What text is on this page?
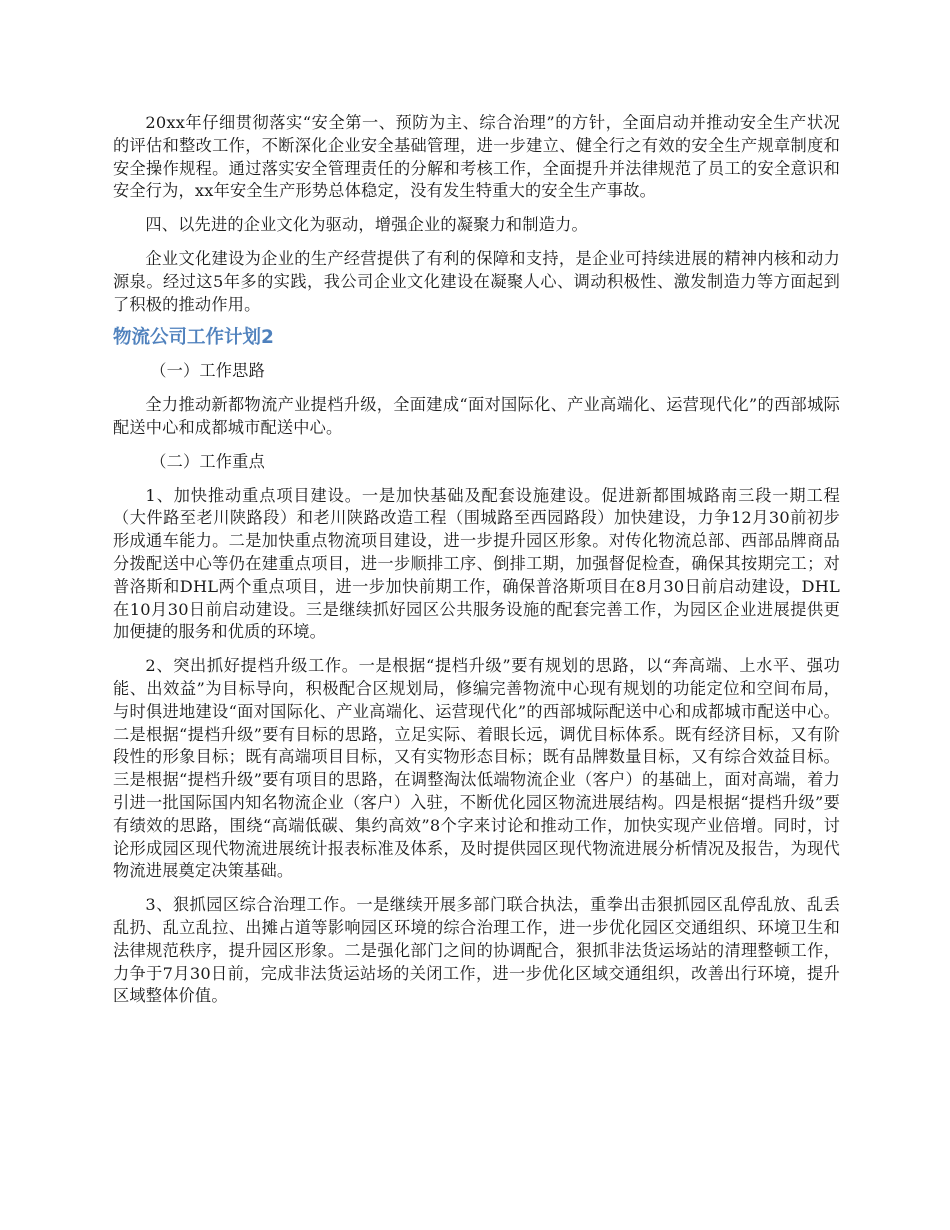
20xx年仔细贯彻落实“安全第一、预防为主、综合治理”的方针，全面启动并推动安全生产状况的评估和整改工作，不断深化企业安全基础管理，进一步建立、健全行之有效的安全生产规章制度和安全操作规程。通过落实安全管理责任的分解和考核工作，全面提升并法律规范了员工的安全意识和安全行为，xx年安全生产形势总体稳定，没有发生特重大的安全生产事故。

四、以先进的企业文化为驱动，增强企业的凝聚力和制造力。

企业文化建设为企业的生产经营提供了有利的保障和支持，是企业可持续进展的精神内核和动力源泉。经过这5年多的实践，我公司企业文化建设在凝聚人心、调动积极性、激发制造力等方面起到了积极的推动作用。

物流公司工作计划2

（一）工作思路

全力推动新都物流产业提档升级，全面建成“面对国际化、产业高端化、运营现代化”的西部城际配送中心和成都城市配送中心。

（二）工作重点

1、加快推动重点项目建设。一是加快基础及配套设施建设。促进新都围城路南三段一期工程（大件路至老川陕路段）和老川陕路改造工程（围城路至西园路段）加快建设，力争12月30前初步形成通车能力。二是加快重点物流项目建设，进一步提升园区形象。对传化物流总部、西部品牌商品分拨配送中心等仍在建重点项目，进一步顺排工序、倒排工期，加强督促检查，确保其按期完工；对普洛斯和DHL两个重点项目，进一步加快前期工作，确保普洛斯项目在8月30日前启动建设，DHL在10月30日前启动建设。三是继续抓好园区公共服务设施的配套完善工作，为园区企业进展提供更加便捷的服务和优质的环境。

2、突出抓好提档升级工作。一是根据“提档升级”要有规划的思路，以“奔高端、上水平、强功能、出效益”为目标导向，积极配合区规划局，修编完善物流中心现有规划的功能定位和空间布局，与时俱进地建设“面对国际化、产业高端化、运营现代化”的西部城际配送中心和成都城市配送中心。二是根据“提档升级”要有目标的思路，立足实际、着眼长远，调优目标体系。既有经济目标，又有阶段性的形象目标；既有高端项目目标，又有实物形态目标；既有品牌数量目标，又有综合效益目标。三是根据“提档升级”要有项目的思路，在调整淘汰低端物流企业（客户）的基础上，面对高端，着力引进一批国际国内知名物流企业（客户）入驻，不断优化园区物流进展结构。四是根据“提档升级”要有绩效的思路，围绕“高端低碳、集约高效”8个字来讨论和推动工作，加快实现产业倍增。同时，讨论形成园区现代物流进展统计报表标准及体系，及时提供园区现代物流进展分析情况及报告，为现代物流进展奠定决策基础。

3、狠抓园区综合治理工作。一是继续开展多部门联合执法，重拳出击狠抓园区乱停乱放、乱丢乱扔、乱立乱拉、出摊占道等影响园区环境的综合治理工作，进一步优化园区交通组织、环境卫生和法律规范秩序，提升园区形象。二是强化部门之间的协调配合，狠抓非法货运场站的清理整顿工作，力争于7月30日前，完成非法货运站场的关闭工作，进一步优化区域交通组织，改善出行环境，提升区域整体价值。
